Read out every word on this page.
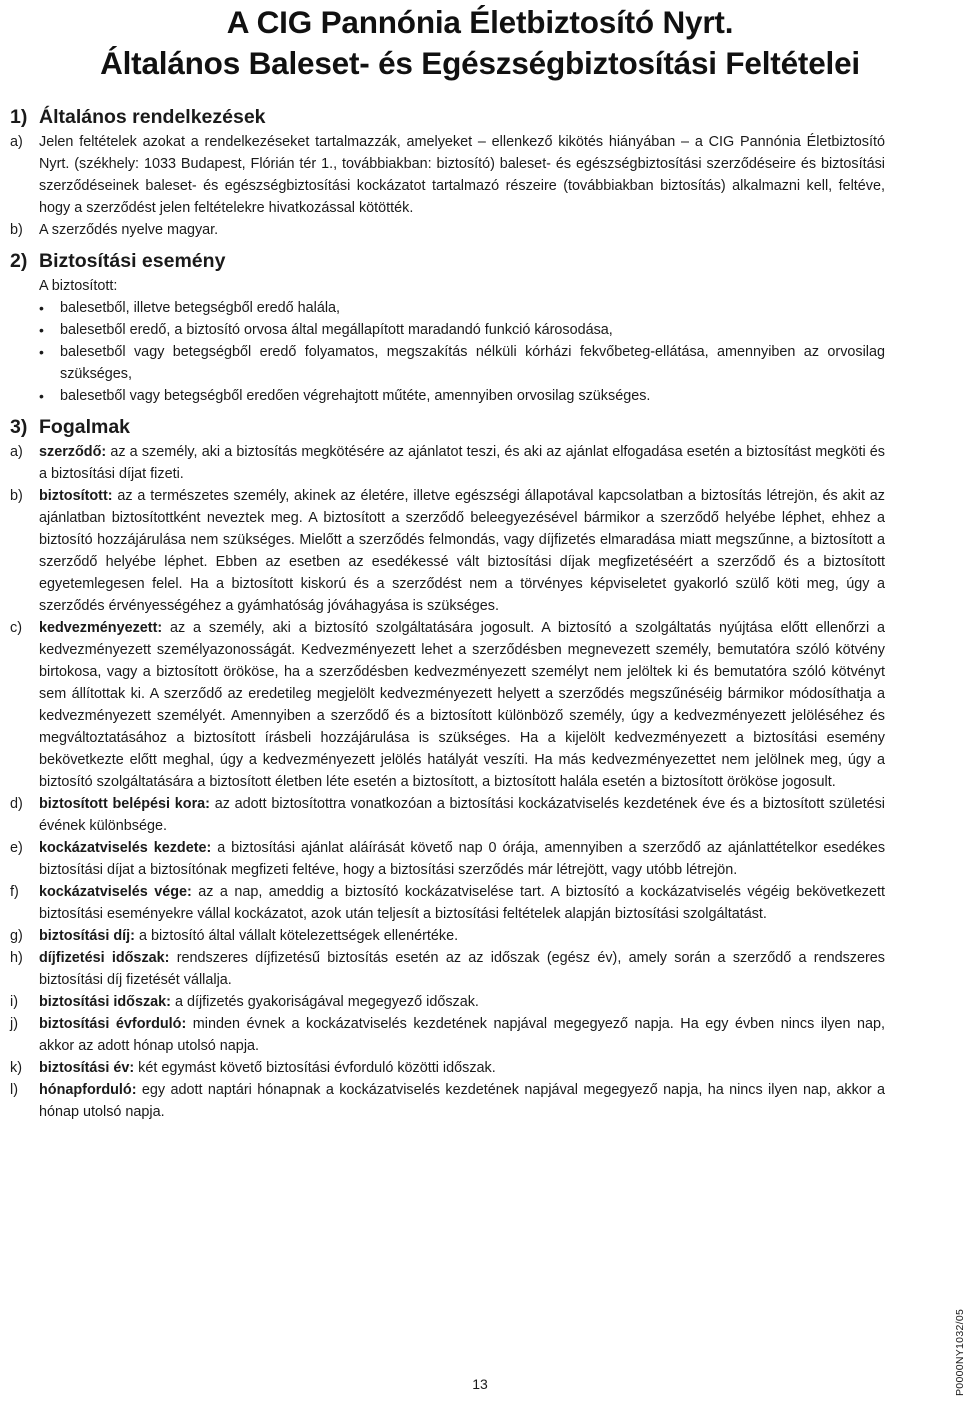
A CIG Pannónia Életbiztosító Nyrt.
Általános Baleset- és Egészségbiztosítási Feltételei
1) Általános rendelkezések
a)	Jelen feltételek azokat a rendelkezéseket tartalmazzák, amelyeket – ellenkező kikötés hiányában – a CIG Pannónia Életbiztosító Nyrt. (székhely: 1033 Budapest, Flórián tér 1., továbbiakban: biztosító) baleset- és egészségbiztosítási szerződéseire és biztosítási szerződéseinek baleset- és egészségbiztosítási kockázatot tartalmazó részeire (továbbiakban biztosítás) alkalmazni kell, feltéve, hogy a szerződést jelen feltételekre hivatkozással kötötték.
b)	A szerződés nyelve magyar.
2) Biztosítási esemény
A biztosított:
•	balesetből, illetve betegségből eredő halála,
•	balesetből eredő, a biztosító orvosa által megállapított maradandó funkció károsodása,
•	balesetből vagy betegségből eredő folyamatos, megszakítás nélküli kórházi fekvőbeteg-ellátása, amennyiben az orvosilag szükséges,
•	balesetből vagy betegségből eredően végrehajtott műtéte, amennyiben orvosilag szükséges.
3) Fogalmak
a)	szerződő: az a személy, aki a biztosítás megkötésére az ajánlatot teszi, és aki az ajánlat elfogadása esetén a biztosítást megköti és a biztosítási díjat fizeti.
b)	biztosított: az a természetes személy, akinek az életére, illetve egészségi állapotával kapcsolatban a biztosítás létrejön, és akit az ajánlatban biztosítottként neveztek meg. A biztosított a szerződő beleegyezésével bármikor a szerződő helyébe léphet, ehhez a biztosító hozzájárulása nem szükséges. Mielőtt a szerződés felmondás, vagy díjfizetés elmaradása miatt megszűnne, a biztosított a szerződő helyébe léphet. Ebben az esetben az esedékessé vált biztosítási díjak megfizetéséért a szerződő és a biztosított egyetemlegesen felel. Ha a biztosított kiskorú és a szerződést nem a törvényes képviseletet gyakorló szülő köti meg, úgy a szerződés érvényességéhez a gyámhatóság jóváhagyása is szükséges.
c)	kedvezményezett: az a személy, aki a biztosító szolgáltatására jogosult. A biztosító a szolgáltatás nyújtása előtt ellenőrzi a kedvezményezett személyazonosságát. Kedvezményezett lehet a szerződésben megnevezett személy, bemutatóra szóló kötvény birtokosa, vagy a biztosított örököse, ha a szerződésben kedvezményezett személyt nem jelöltek ki és bemutatóra szóló kötvényt sem állítottak ki. A szerződő az eredetileg megjelölt kedvezményezett helyett a szerződés megszűnéséig bármikor módosíthatja a kedvezményezett személyét. Amennyiben a szerződő és a biztosított különböző személy, úgy a kedvezményezett jelöléséhez és megváltoztatásához a biztosított írásbeli hozzájárulása is szükséges. Ha a kijelölt kedvezményezett a biztosítási esemény bekövetkezte előtt meghal, úgy a kedvezményezett jelölés hatályát veszíti. Ha más kedvezményezettet nem jelölnek meg, úgy a biztosító szolgáltatására a biztosított életben léte esetén a biztosított, a biztosított halála esetén a biztosított örököse jogosult.
d)	biztosított belépési kora: az adott biztosítottra vonatkozóan a biztosítási kockázatviselés kezdetének éve és a biztosított születési évének különbsége.
e)	kockázatviselés kezdete: a biztosítási ajánlat aláírását követő nap 0 órája, amennyiben a szerződő az ajánlattételkor esedékes biztosítási díjat a biztosítónak megfizeti feltéve, hogy a biztosítási szerződés már létrejött, vagy utóbb létrejön.
f)	kockázatviselés vége: az a nap, ameddig a biztosító kockázatviselése tart. A biztosító a kockázatviselés végéig bekövetkezett biztosítási eseményekre vállal kockázatot, azok után teljesít a biztosítási feltételek alapján biztosítási szolgáltatást.
g)	biztosítási díj: a biztosító által vállalt kötelezettségek ellenértéke.
h)	díjfizetési időszak: rendszeres díjfizetésű biztosítás esetén az az időszak (egész év), amely során a szerződő a rendszeres biztosítási díj fizetését vállalja.
i)	biztosítási időszak: a díjfizetés gyakoriságával megegyező időszak.
j)	biztosítási évforduló: minden évnek a kockázatviselés kezdetének napjával megegyező napja. Ha egy évben nincs ilyen nap, akkor az adott hónap utolsó napja.
k)	biztosítási év: két egymást követő biztosítási évforduló közötti időszak.
l)	hónapforduló: egy adott naptári hónapnak a kockázatviselés kezdetének napjával megegyező napja, ha nincs ilyen nap, akkor a hónap utolsó napja.
13	P0000NY1032/05
